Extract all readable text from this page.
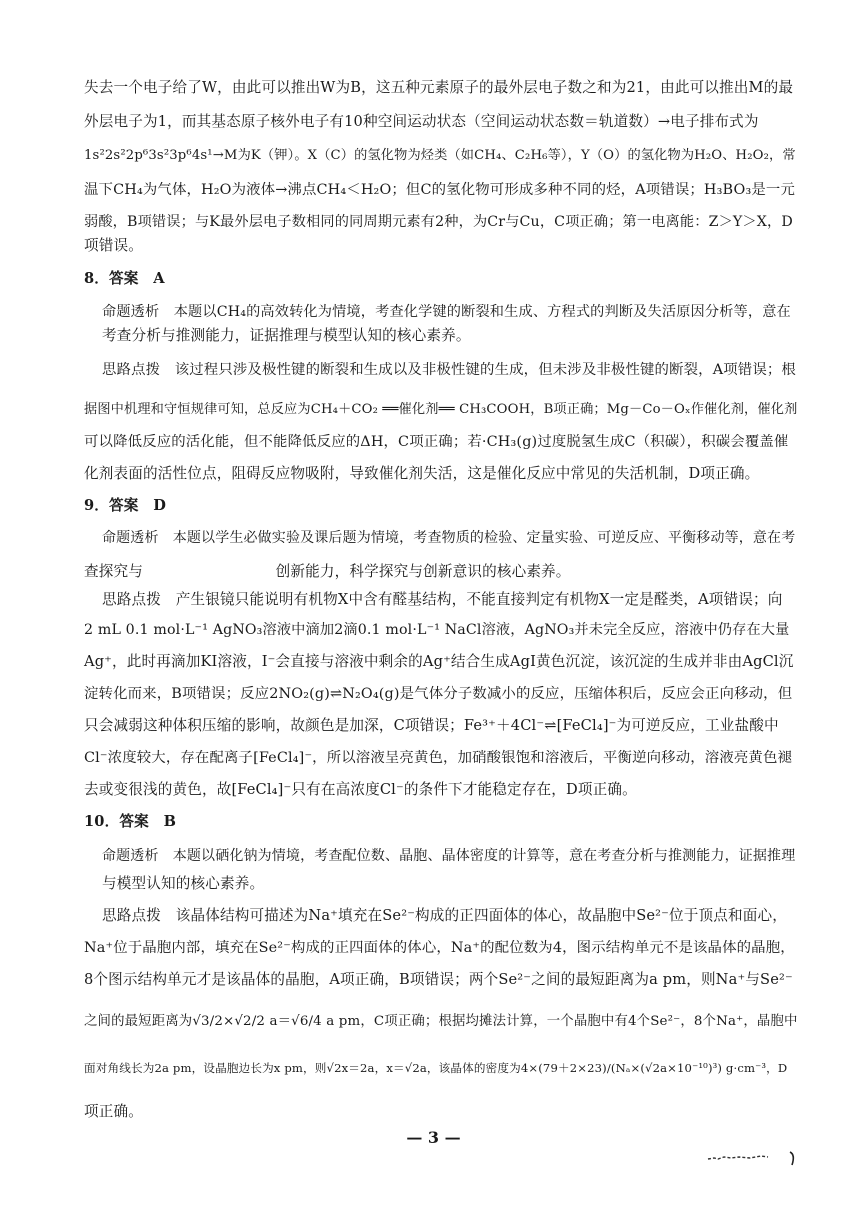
失去一个电子给了W，由此可以推出W为B，这五种元素原子的最外层电子数之和为21，由此可以推出M的最
外层电子为1，而其基态原子核外电子有10种空间运动状态（空间运动状态数＝轨道数）→电子排布式为
1s²2s²2p⁶3s²3p⁶4s¹→M为K（钾）。X（C）的氢化物为烃类（如CH₄、C₂H₆等），Y（O）的氢化物为H₂O、H₂O₂，常
温下CH₄为气体，H₂O为液体→沸点CH₄＜H₂O；但C的氢化物可形成多种不同的烃，A项错误；H₃BO₃是一元
弱酸，B项错误；与K最外层电子数相同的同周期元素有2种，为Cr与Cu，C项正确；第一电离能：Z＞Y＞X，D
项错误。
8．答案　A
命题透析　本题以CH₄的高效转化为情境，考查化学键的断裂和生成、方程式的判断及失活原因分析等，意在
考查分析与推测能力，证据推理与模型认知的核心素养。
思路点拨　该过程只涉及极性键的断裂和生成以及非极性键的生成，但未涉及非极性键的断裂，A项错误；根
据图中机理和守恒规律可知，总反应为CH₄＋CO₂ ══催化剂══ CH₃COOH，B项正确；Mg－Co－Oₓ作催化剂，催化剂
可以降低反应的活化能，但不能降低反应的ΔH，C项正确；若·CH₃(g)过度脱氢生成C（积碳），积碳会覆盖催
化剂表面的活性位点，阻碍反应物吸附，导致催化剂失活，这是催化反应中常见的失活机制，D项正确。
9．答案　D
命题透析　本题以学生必做实验及课后题为情境，考查物质的检验、定量实验、可逆反应、平衡移动等，意在考
查探究与　　　　　　　　　创新能力，科学探究与创新意识的核心素养。
思路点拨　产生银镜只能说明有机物X中含有醛基结构，不能直接判定有机物X一定是醛类，A项错误；向
2 mL 0.1 mol·L⁻¹ AgNO₃溶液中滴加2滴0.1 mol·L⁻¹ NaCl溶液，AgNO₃并未完全反应，溶液中仍存在大量
Ag⁺，此时再滴加KI溶液，I⁻会直接与溶液中剩余的Ag⁺结合生成AgI黄色沉淀，该沉淀的生成并非由AgCl沉
淀转化而来，B项错误；反应2NO₂(g)⇌N₂O₄(g)是气体分子数减小的反应，压缩体积后，反应会正向移动，但
只会减弱这种体积压缩的影响，故颜色是加深，C项错误；Fe³⁺＋4Cl⁻⇌[FeCl₄]⁻为可逆反应，工业盐酸中
Cl⁻浓度较大，存在配离子[FeCl₄]⁻，所以溶液呈亮黄色，加硝酸银饱和溶液后，平衡逆向移动，溶液亮黄色褪
去或变很浅的黄色，故[FeCl₄]⁻只有在高浓度Cl⁻的条件下才能稳定存在，D项正确。
10．答案　B
命题透析　本题以硒化钠为情境，考查配位数、晶胞、晶体密度的计算等，意在考查分析与推测能力，证据推理
与模型认知的核心素养。
思路点拨　该晶体结构可描述为Na⁺填充在Se²⁻构成的正四面体的体心，故晶胞中Se²⁻位于顶点和面心，
Na⁺位于晶胞内部，填充在Se²⁻构成的正四面体的体心，Na⁺的配位数为4，图示结构单元不是该晶体的晶胞，
8个图示结构单元才是该晶体的晶胞，A项正确，B项错误；两个Se²⁻之间的最短距离为a pm，则Na⁺与Se²⁻
之间的最短距离为√3/2×√2/2 a＝√6/4 a pm，C项正确；根据均摊法计算，一个晶胞中有4个Se²⁻，8个Na⁺，晶胞中
面对角线长为2a pm，设晶胞边长为x pm，则√2x＝2a，x＝√2a，该晶体的密度为4×(79＋2×23)/(Nₐ×(√2a×10⁻¹⁰)³) g·cm⁻³，D
项正确。
— 3 —
